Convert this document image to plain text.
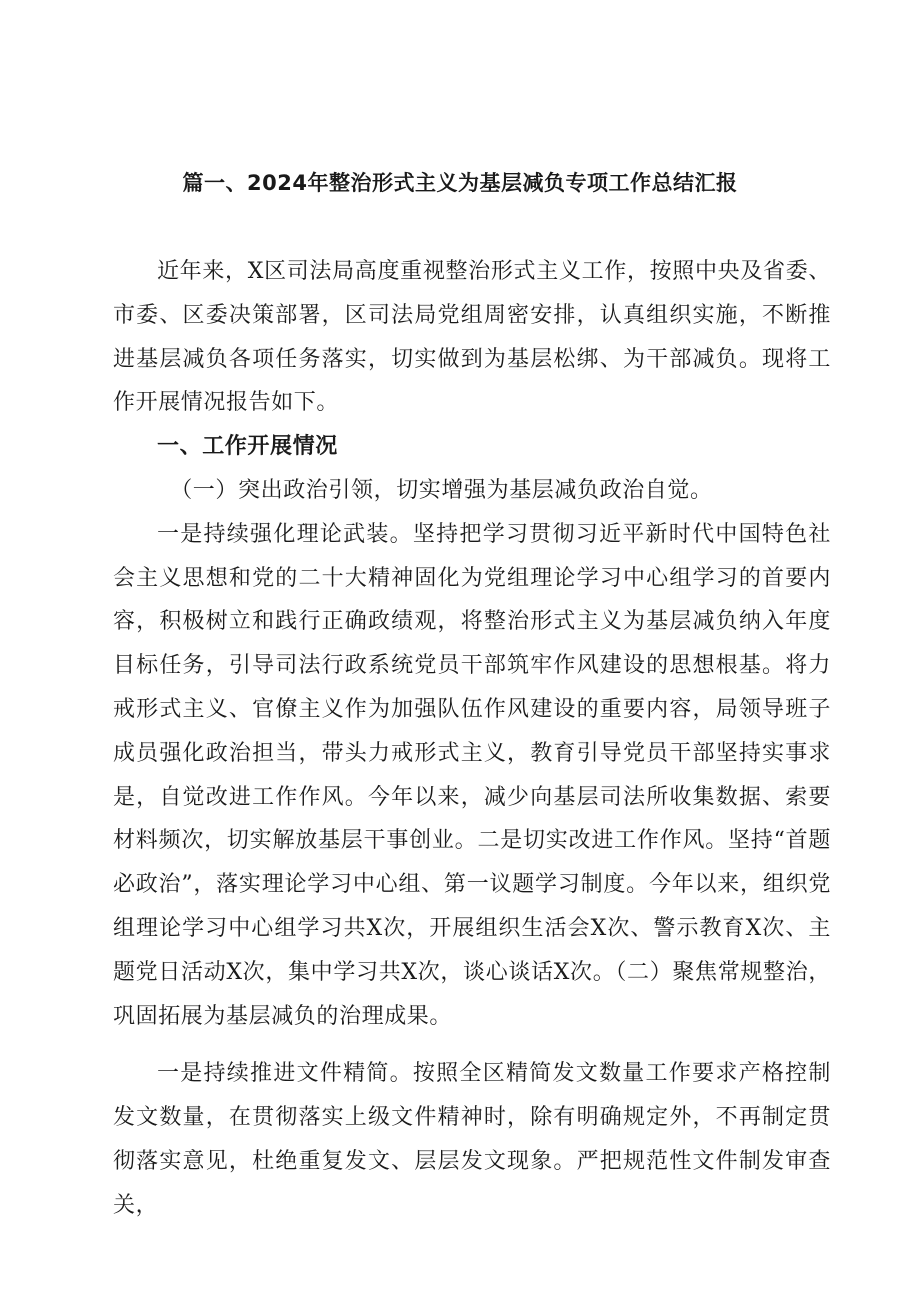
篇一、2024年整治形式主义为基层减负专项工作总结汇报

近年来，X区司法局高度重视整治形式主义工作，按照中央及省委、市委、区委决策部署，区司法局党组周密安排，认真组织实施，不断推进基层减负各项任务落实，切实做到为基层松绑、为干部减负。现将工作开展情况报告如下。

一、工作开展情况

（一）突出政治引领，切实增强为基层减负政治自觉。

一是持续强化理论武装。坚持把学习贯彻习近平新时代中国特色社会主义思想和党的二十大精神固化为党组理论学习中心组学习的首要内容，积极树立和践行正确政绩观，将整治形式主义为基层减负纳入年度目标任务，引导司法行政系统党员干部筑牢作风建设的思想根基。将力戒形式主义、官僚主义作为加强队伍作风建设的重要内容，局领导班子成员强化政治担当，带头力戒形式主义，教育引导党员干部坚持实事求是，自觉改进工作作风。今年以来，减少向基层司法所收集数据、索要材料频次，切实解放基层干事创业。二是切实改进工作作风。坚持“首题必政治”，落实理论学习中心组、第一议题学习制度。今年以来，组织党组理论学习中心组学习共X次，开展组织生活会X次、警示教育X次、主题党日活动X次，集中学习共X次，谈心谈话X次。（二）聚焦常规整治，巩固拓展为基层减负的治理成果。

一是持续推进文件精简。按照全区精简发文数量工作要求产格控制发文数量，在贯彻落实上级文件精神时，除有明确规定外，不再制定贯彻落实意见，杜绝重复发文、层层发文现象。严把规范性文件制发审查关，
